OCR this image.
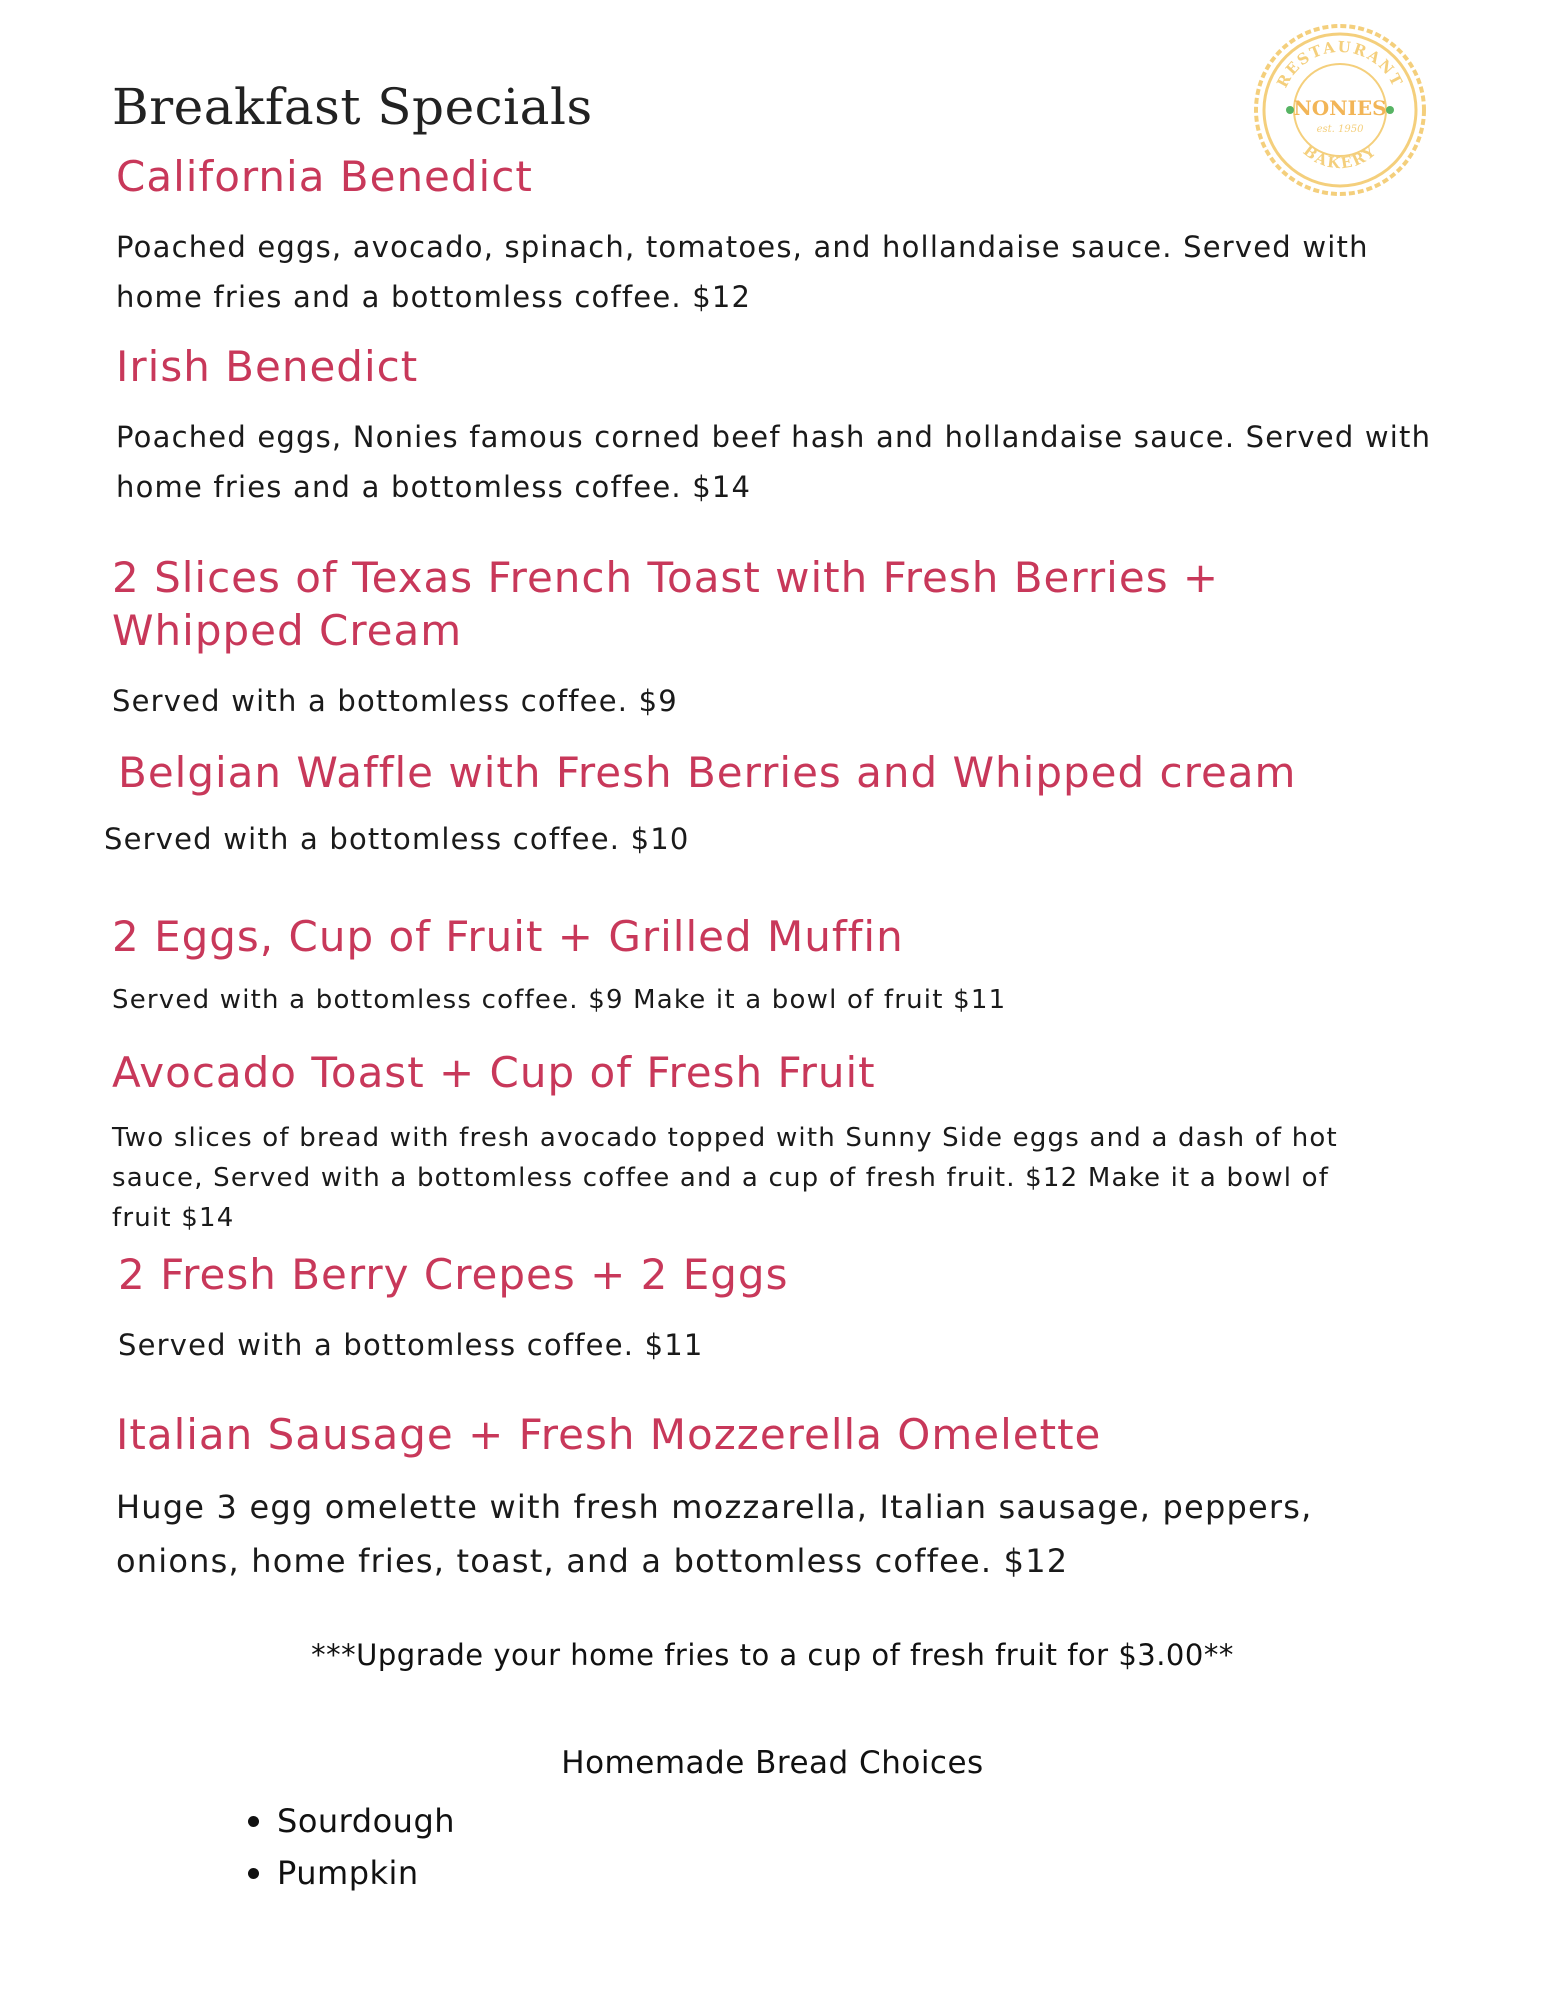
Breakfast Specials	RESTAURANT
BAKERY
NONIES
est. 1950
California Benedict
Poached eggs, avocado, spinach, tomatoes, and hollandaise sauce. Served with home fries and a bottomless coffee. $12
Irish Benedict
Poached eggs, Nonies famous corned beef hash and hollandaise sauce. Served with home fries and a bottomless coffee. $14
2 Slices of Texas French Toast with Fresh Berries + Whipped Cream
Served with a bottomless coffee. $9
Belgian Waffle with Fresh Berries and Whipped cream
Served with a bottomless coffee. $10
2 Eggs, Cup of Fruit + Grilled Muffin
Served with a bottomless coffee. $9 Make it a bowl of fruit $11
Avocado Toast + Cup of Fresh Fruit
Two slices of bread with fresh avocado topped with Sunny Side eggs and a dash of hot sauce, Served with a bottomless coffee and a cup of fresh fruit. $12 Make it a bowl of fruit $14
2 Fresh Berry Crepes + 2 Eggs
Served with a bottomless coffee. $11
Italian Sausage + Fresh Mozzerella Omelette
Huge 3 egg omelette with fresh mozzarella, Italian sausage, peppers, onions, home fries, toast, and a bottomless coffee. $12
***Upgrade your home fries to a cup of fresh fruit for $3.00**
Homemade Bread Choices
Sourdough
Pumpkin
